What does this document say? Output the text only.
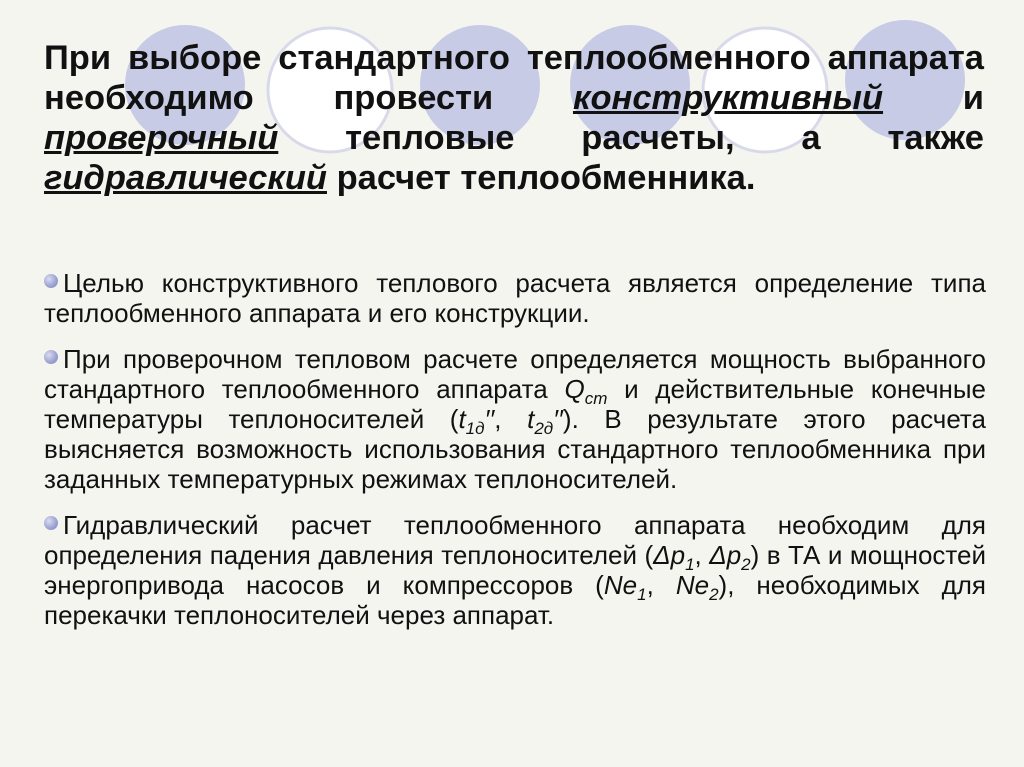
При выборе стандартного теплообменного аппарата необходимо провести конструктивный и проверочный тепловые расчеты, а также гидравлический расчет теплообменника.

Целью конструктивного теплового расчета является определение типа теплообменного аппарата и его конструкции.

При проверочном тепловом расчете определяется мощность выбранного стандартного теплообменного аппарата $Q_{ст}$ и действительные конечные температуры теплоносителей ($t_{1д}''$, $t_{2д}''$). В результате этого расчета выясняется возможность использования стандартного теплообменника при заданных температурных режимах теплоносителей.

Гидравлический расчет теплообменного аппарата необходим для определения падения давления теплоносителей ($\Delta p_1$, $\Delta p_2$) в ТА и мощностей энергопривода насосов и компрессоров ($Ne_1$, $Ne_2$), необходимых для перекачки теплоносителей через аппарат.
